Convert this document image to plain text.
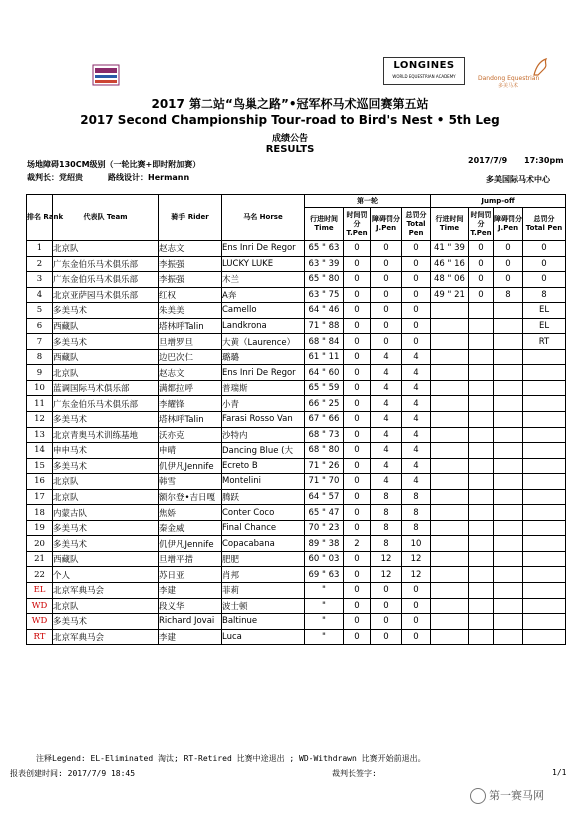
LONGINES
WORLD EQUESTRIAN ACADEMY	Dandong Equestrian
多美马术
2017 第二站“鸟巢之路”•冠军杯马术巡回赛第五站
2017 Second Championship Tour-road to Bird's Nest • 5th Leg
成绩公告
RESULTS
场地障碍130CM级别（一轮比赛+即时附加赛）
裁判长：党绍贵	路线设计：Hermann
2017/7/9 17:30pm
多美国际马术中心
排名 Rank	代表队 Team	骑手 Rider	马名 Horse	第一轮				Jump-off			
				行进时间 Time	时间罚分 T.Pen	障碍罚分 J.Pen	总罚分 Total Pen	行进时间 Time	时间罚分 T.Pen	障碍罚分 J.Pen	总罚分 Total Pen
1	北京队	赵志文	Ens Inri De Regor	65 " 63	0	0	0	41 " 39	0	0	0
2	广东金伯乐马术俱乐部	李振强	LUCKY LUKE	63 " 39	0	0	0	46 " 16	0	0	0
3	广东金伯乐马术俱乐部	李振强	木兰	65 " 80	0	0	0	48 " 06	0	0	0
4	北京亚萨园马术俱乐部	红权	A奔	63 " 75	0	0	0	49 " 21	0	8	8
5	多美马术	朱美美	Camello	64 " 46	0	0	0				EL
6	西藏队	塔林呼Talin	Landkrona	71 " 88	0	0	0				EL
7	多美马术	旦增罗旦	大黄（Laurence）	68 " 84	0	0	0				RT
8	西藏队	边巴次仁	璐璐	61 " 11	0	4	4				
9	北京队	赵志文	Ens Inri De Regor	64 " 60	0	4	4				
10	蓝调国际马术俱乐部	满都拉呼	普瑞斯	65 " 59	0	4	4				
11	广东金伯乐马术俱乐部	李耀锋	小青	66 " 25	0	4	4				
12	多美马术	塔林呼Talin	Farasi Rosso Van	67 " 66	0	4	4				
13	北京青奥马术训练基地	沃亦克	沙特内	68 " 73	0	4	4				
14	申申马术	申晴	Dancing Blue (大	68 " 80	0	4	4				
15	多美马术	仉伊凡Jennife	Ecreto B	71 " 26	0	4	4				
16	北京队	韩雪	Montelini	71 " 70	0	4	4				
17	北京队	额尔登•吉日嘎	腾跃	64 " 57	0	8	8				
18	内蒙古队	焦娇	Conter Coco	65 " 47	0	8	8				
19	多美马术	秦金威	Final Chance	70 " 23	0	8	8				
20	多美马术	仉伊凡Jennife	Copacabana	89 " 38	2	8	10				
21	西藏队	旦增平措	肥肥	60 " 03	0	12	12				
22	个人	苏日亚	肖邦	69 " 63	0	12	12				
EL	北京军典马会	李建	菲莉	"	0	0	0				
WD	北京队	段义华	波士顿	"	0	0	0				
WD	多美马术	Richard Jovai	Baltinue	"	0	0	0				
RT	北京军典马会	李建	Luca	"	0	0	0				
注释Legend: EL-Eliminated 淘汰; RT-Retired 比赛中途退出 ; WD-Withdrawn 比赛开始前退出。
报表创建时间: 2017/7/9 18:45	裁判长签字:	1/1
第一赛马网
